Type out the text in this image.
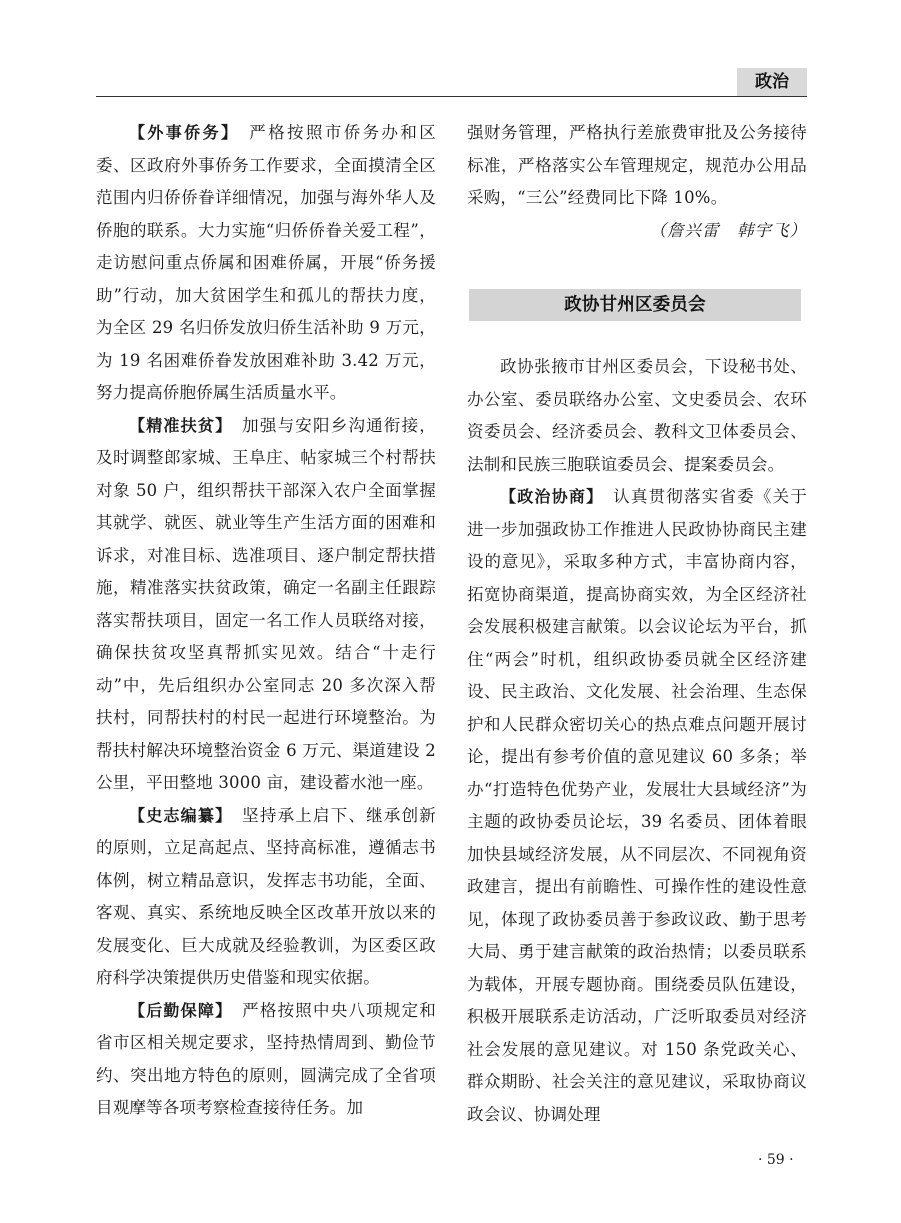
政治

【外事侨务】 严格按照市侨务办和区委、区政府外事侨务工作要求，全面摸清全区范围内归侨侨眷详细情况，加强与海外华人及侨胞的联系。大力实施“归侨侨眷关爱工程”，走访慰问重点侨属和困难侨属，开展“侨务援助”行动，加大贫困学生和孤儿的帮扶力度，为全区 29 名归侨发放归侨生活补助 9 万元，为 19 名困难侨眷发放困难补助 3.42 万元，努力提高侨胞侨属生活质量水平。

【精准扶贫】 加强与安阳乡沟通衔接，及时调整郎家城、王阜庄、帖家城三个村帮扶对象 50 户，组织帮扶干部深入农户全面掌握其就学、就医、就业等生产生活方面的困难和诉求，对准目标、选准项目、逐户制定帮扶措施，精准落实扶贫政策，确定一名副主任跟踪落实帮扶项目，固定一名工作人员联络对接，确保扶贫攻坚真帮抓实见效。结合“十走行动”中，先后组织办公室同志 20 多次深入帮扶村，同帮扶村的村民一起进行环境整治。为帮扶村解决环境整治资金 6 万元、渠道建设 2 公里，平田整地 3000 亩，建设蓄水池一座。

【史志编纂】 坚持承上启下、继承创新的原则，立足高起点、坚持高标准，遵循志书体例，树立精品意识，发挥志书功能，全面、客观、真实、系统地反映全区改革开放以来的发展变化、巨大成就及经验教训，为区委区政府科学决策提供历史借鉴和现实依据。

【后勤保障】 严格按照中央八项规定和省市区相关规定要求，坚持热情周到、勤俭节约、突出地方特色的原则，圆满完成了全省项目观摩等各项考察检查接待任务。加

强财务管理，严格执行差旅费审批及公务接待标准，严格落实公车管理规定，规范办公用品采购，“三公”经费同比下降 10%。

（詹兴雷　韩宇飞）

政协甘州区委员会

政协张掖市甘州区委员会，下设秘书处、办公室、委员联络办公室、文史委员会、农环资委员会、经济委员会、教科文卫体委员会、法制和民族三胞联谊委员会、提案委员会。

【政治协商】 认真贯彻落实省委《关于进一步加强政协工作推进人民政协协商民主建设的意见》，采取多种方式，丰富协商内容，拓宽协商渠道，提高协商实效，为全区经济社会发展积极建言献策。以会议论坛为平台，抓住“两会”时机，组织政协委员就全区经济建设、民主政治、文化发展、社会治理、生态保护和人民群众密切关心的热点难点问题开展讨论，提出有参考价值的意见建议 60 多条；举办“打造特色优势产业，发展壮大县域经济”为主题的政协委员论坛，39 名委员、团体着眼加快县域经济发展，从不同层次、不同视角资政建言，提出有前瞻性、可操作性的建设性意见，体现了政协委员善于参政议政、勤于思考大局、勇于建言献策的政治热情；以委员联系为载体，开展专题协商。围绕委员队伍建设，积极开展联系走访活动，广泛听取委员对经济社会发展的意见建议。对 150 条党政关心、群众期盼、社会关注的意见建议，采取协商议政会议、协调处理

· 59 ·
